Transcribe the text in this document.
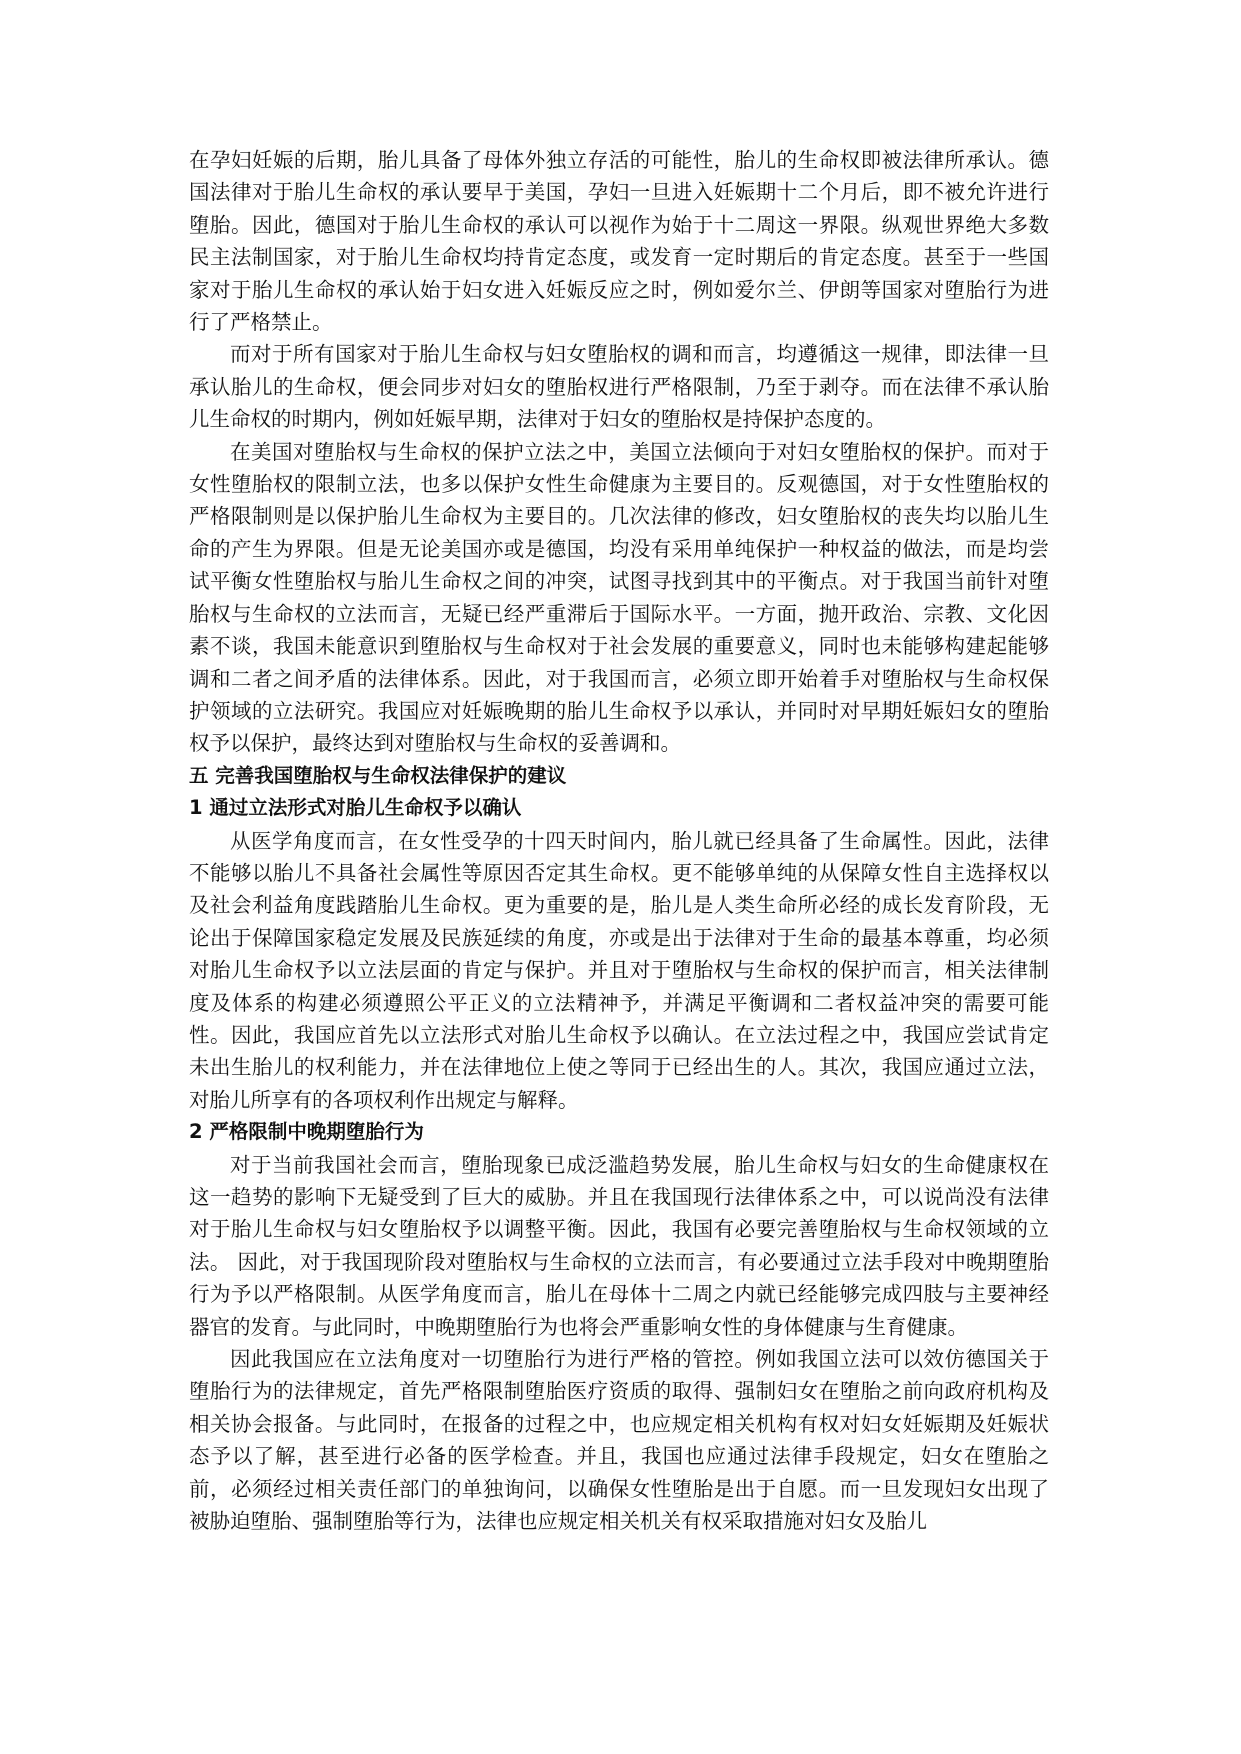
在孕妇妊娠的后期，胎儿具备了母体外独立存活的可能性，胎儿的生命权即被法律所承认。德国法律对于胎儿生命权的承认要早于美国，孕妇一旦进入妊娠期十二个月后，即不被允许进行堕胎。因此，德国对于胎儿生命权的承认可以视作为始于十二周这一界限。纵观世界绝大多数民主法制国家，对于胎儿生命权均持肯定态度，或发育一定时期后的肯定态度。甚至于一些国家对于胎儿生命权的承认始于妇女进入妊娠反应之时，例如爱尔兰、伊朗等国家对堕胎行为进行了严格禁止。

而对于所有国家对于胎儿生命权与妇女堕胎权的调和而言，均遵循这一规律，即法律一旦承认胎儿的生命权，便会同步对妇女的堕胎权进行严格限制，乃至于剥夺。而在法律不承认胎儿生命权的时期内，例如妊娠早期，法律对于妇女的堕胎权是持保护态度的。

在美国对堕胎权与生命权的保护立法之中，美国立法倾向于对妇女堕胎权的保护。而对于女性堕胎权的限制立法，也多以保护女性生命健康为主要目的。反观德国，对于女性堕胎权的严格限制则是以保护胎儿生命权为主要目的。几次法律的修改，妇女堕胎权的丧失均以胎儿生命的产生为界限。但是无论美国亦或是德国，均没有采用单纯保护一种权益的做法，而是均尝试平衡女性堕胎权与胎儿生命权之间的冲突，试图寻找到其中的平衡点。对于我国当前针对堕胎权与生命权的立法而言，无疑已经严重滞后于国际水平。一方面，抛开政治、宗教、文化因素不谈，我国未能意识到堕胎权与生命权对于社会发展的重要意义，同时也未能够构建起能够调和二者之间矛盾的法律体系。因此，对于我国而言，必须立即开始着手对堕胎权与生命权保护领域的立法研究。我国应对妊娠晚期的胎儿生命权予以承认，并同时对早期妊娠妇女的堕胎权予以保护，最终达到对堕胎权与生命权的妥善调和。

五 完善我国堕胎权与生命权法律保护的建议
1 通过立法形式对胎儿生命权予以确认

从医学角度而言，在女性受孕的十四天时间内，胎儿就已经具备了生命属性。因此，法律不能够以胎儿不具备社会属性等原因否定其生命权。更不能够单纯的从保障女性自主选择权以及社会利益角度践踏胎儿生命权。更为重要的是，胎儿是人类生命所必经的成长发育阶段，无论出于保障国家稳定发展及民族延续的角度，亦或是出于法律对于生命的最基本尊重，均必须对胎儿生命权予以立法层面的肯定与保护。并且对于堕胎权与生命权的保护而言，相关法律制度及体系的构建必须遵照公平正义的立法精神予，并满足平衡调和二者权益冲突的需要可能性。因此，我国应首先以立法形式对胎儿生命权予以确认。在立法过程之中，我国应尝试肯定未出生胎儿的权利能力，并在法律地位上使之等同于已经出生的人。其次，我国应通过立法，对胎儿所享有的各项权利作出规定与解释。

2 严格限制中晚期堕胎行为

对于当前我国社会而言，堕胎现象已成泛滥趋势发展，胎儿生命权与妇女的生命健康权在这一趋势的影响下无疑受到了巨大的威胁。并且在我国现行法律体系之中，可以说尚没有法律对于胎儿生命权与妇女堕胎权予以调整平衡。因此，我国有必要完善堕胎权与生命权领域的立法。 因此，对于我国现阶段对堕胎权与生命权的立法而言，有必要通过立法手段对中晚期堕胎行为予以严格限制。从医学角度而言，胎儿在母体十二周之内就已经能够完成四肢与主要神经器官的发育。与此同时，中晚期堕胎行为也将会严重影响女性的身体健康与生育健康。

因此我国应在立法角度对一切堕胎行为进行严格的管控。例如我国立法可以效仿德国关于堕胎行为的法律规定，首先严格限制堕胎医疗资质的取得、强制妇女在堕胎之前向政府机构及相关协会报备。与此同时，在报备的过程之中，也应规定相关机构有权对妇女妊娠期及妊娠状态予以了解，甚至进行必备的医学检查。并且，我国也应通过法律手段规定，妇女在堕胎之前，必须经过相关责任部门的单独询问，以确保女性堕胎是出于自愿。而一旦发现妇女出现了被胁迫堕胎、强制堕胎等行为，法律也应规定相关机关有权采取措施对妇女及胎儿
